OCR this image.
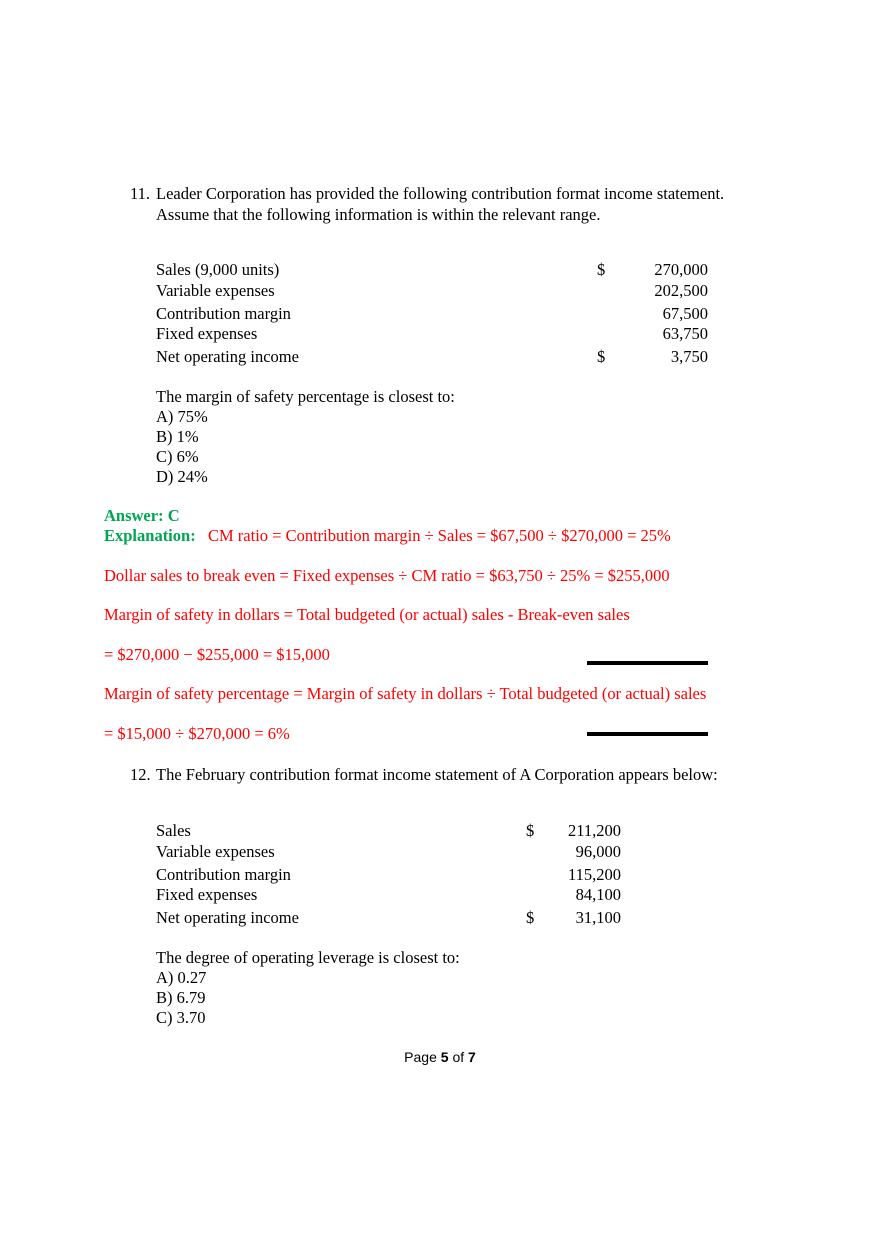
11. Leader Corporation has provided the following contribution format income statement.
Assume that the following information is within the relevant range.
Sales (9,000 units)	$	270,000
Variable expenses	202,500
Contribution margin	67,500
Fixed expenses	63,750
Net operating income	$	3,750
The margin of safety percentage is closest to:
A) 75%
B) 1%
C) 6%
D) 24%
Answer: C
Explanation: CM ratio = Contribution margin ÷ Sales = $67,500 ÷ $270,000 = 25%
Dollar sales to break even = Fixed expenses ÷ CM ratio = $63,750 ÷ 25% = $255,000
Margin of safety in dollars = Total budgeted (or actual) sales - Break-even sales
= $270,000 − $255,000 = $15,000
Margin of safety percentage = Margin of safety in dollars ÷ Total budgeted (or actual) sales
= $15,000 ÷ $270,000 = 6%
12. The February contribution format income statement of A Corporation appears below:
Sales	$	211,200
Variable expenses	96,000
Contribution margin	115,200
Fixed expenses	84,100
Net operating income	$	31,100
The degree of operating leverage is closest to:
A) 0.27
B) 6.79
C) 3.70
Page 5 of 7
